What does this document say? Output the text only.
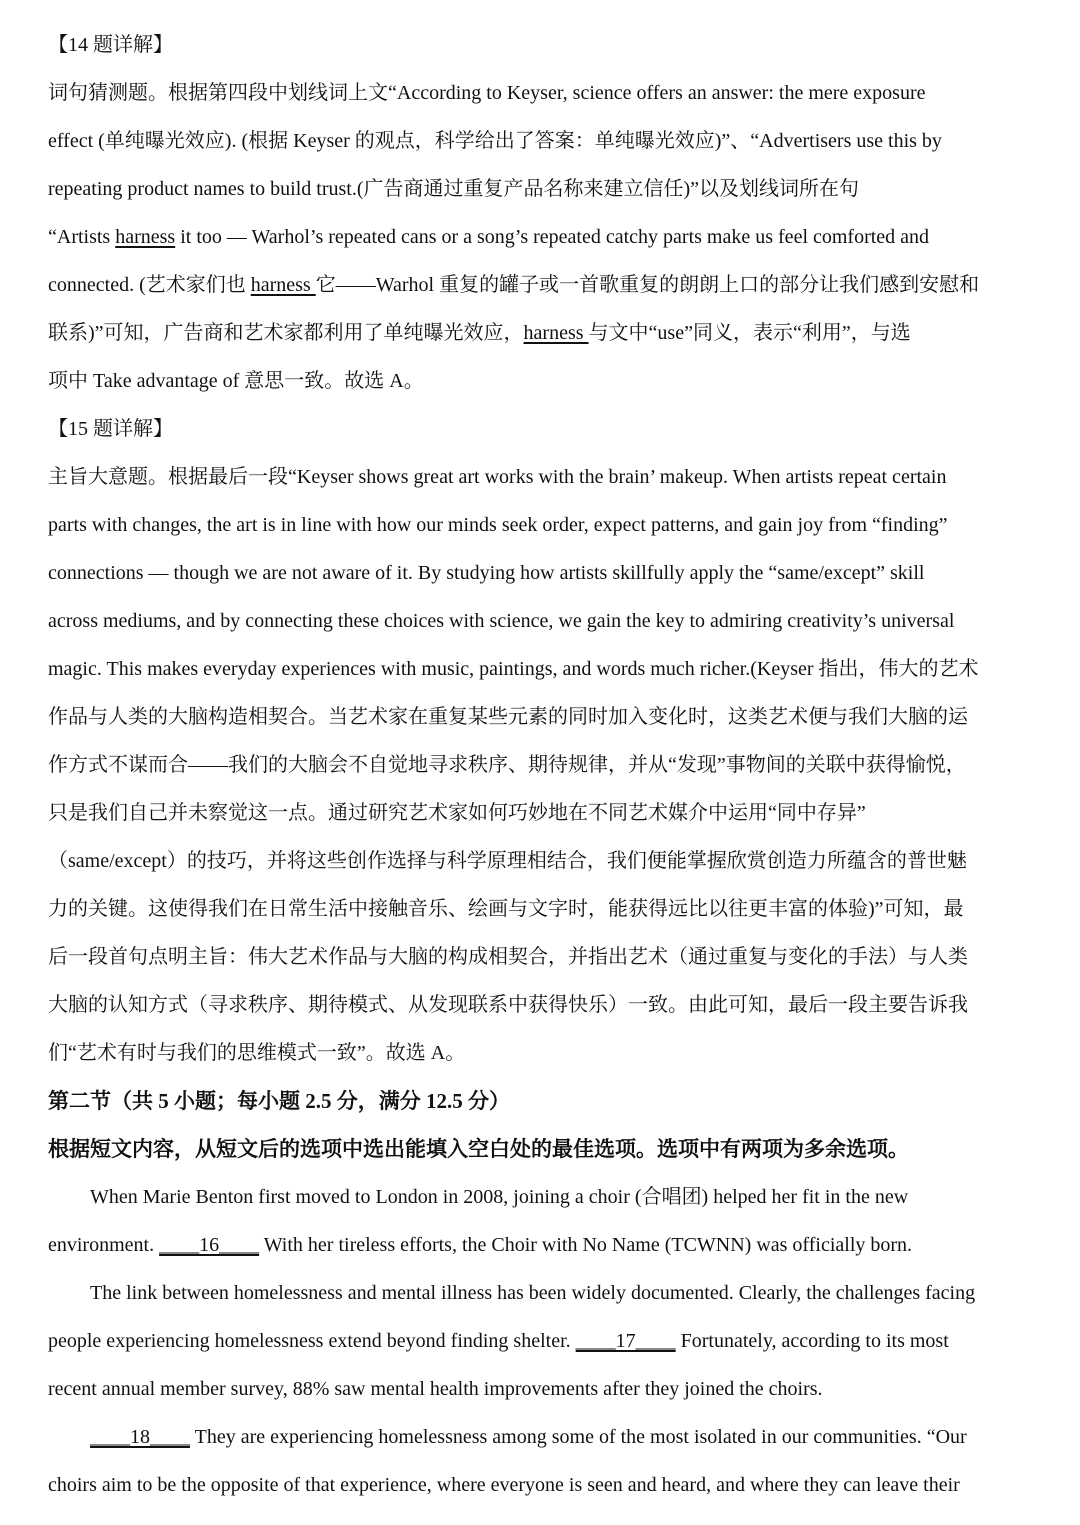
【14 题详解】
词句猜测题。根据第四段中划线词上文“According to Keyser, science offers an answer: the mere exposure
effect (单纯曝光效应). (根据 Keyser 的观点，科学给出了答案：单纯曝光效应)”、“Advertisers use this by
repeating product names to build trust.(广告商通过重复产品名称来建立信任)”以及划线词所在句
“Artists harness it too — Warhol’s repeated cans or a song’s repeated catchy parts make us feel comforted and
connected. (艺术家们也 harness 它——Warhol 重复的罐子或一首歌重复的朗朗上口的部分让我们感到安慰和
联系)”可知，广告商和艺术家都利用了单纯曝光效应，harness 与文中“use”同义，表示“利用”，与选
项中 Take advantage of 意思一致。故选 A。
【15 题详解】
主旨大意题。根据最后一段“Keyser shows great art works with the brain’ makeup. When artists repeat certain
parts with changes, the art is in line with how our minds seek order, expect patterns, and gain joy from “finding”
connections — though we are not aware of it. By studying how artists skillfully apply the “same/except” skill
across mediums, and by connecting these choices with science, we gain the key to admiring creativity’s universal
magic. This makes everyday experiences with music, paintings, and words much richer.(Keyser 指出，伟大的艺术
作品与人类的大脑构造相契合。当艺术家在重复某些元素的同时加入变化时，这类艺术便与我们大脑的运
作方式不谋而合——我们的大脑会不自觉地寻求秩序、期待规律，并从“发现”事物间的关联中获得愉悦，
只是我们自己并未察觉这一点。通过研究艺术家如何巧妙地在不同艺术媒介中运用“同中存异”
（same/except）的技巧，并将这些创作选择与科学原理相结合，我们便能掌握欣赏创造力所蕴含的普世魅
力的关键。这使得我们在日常生活中接触音乐、绘画与文字时，能获得远比以往更丰富的体验)”可知，最
后一段首句点明主旨：伟大艺术作品与大脑的构成相契合，并指出艺术（通过重复与变化的手法）与人类
大脑的认知方式（寻求秩序、期待模式、从发现联系中获得快乐）一致。由此可知，最后一段主要告诉我
们“艺术有时与我们的思维模式一致”。故选 A。
第二节（共 5 小题；每小题 2.5 分，满分 12.5 分）
根据短文内容，从短文后的选项中选出能填入空白处的最佳选项。选项中有两项为多余选项。
When Marie Benton first moved to London in 2008, joining a choir (合唱团) helped her fit in the new
environment. ____16____ With her tireless efforts, the Choir with No Name (TCWNN) was officially born.
The link between homelessness and mental illness has been widely documented. Clearly, the challenges facing
people experiencing homelessness extend beyond finding shelter. ____17____ Fortunately, according to its most
recent annual member survey, 88% saw mental health improvements after they joined the choirs.
____18____ They are experiencing homelessness among some of the most isolated in our communities. “Our
choirs aim to be the opposite of that experience, where everyone is seen and heard, and where they can leave their
